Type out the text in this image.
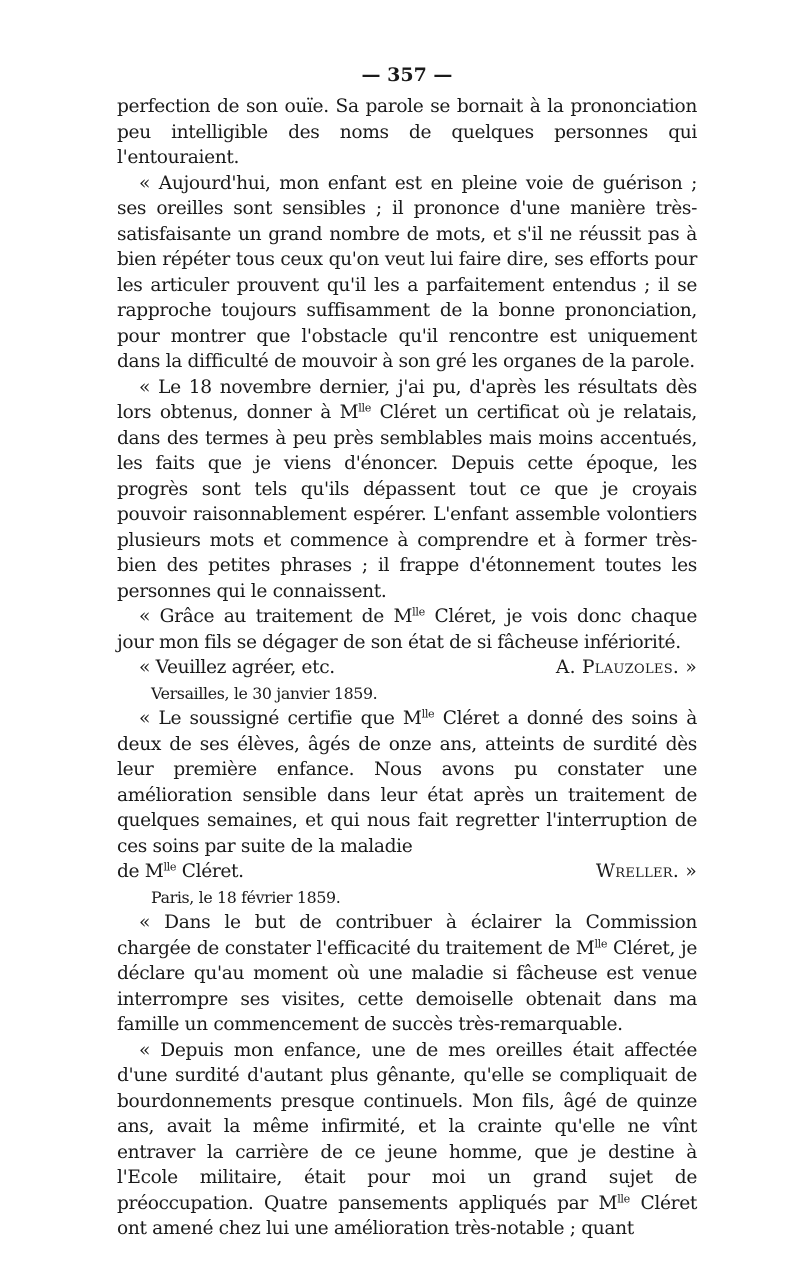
— 357 —

perfection de son ouïe. Sa parole se bornait à la prononciation peu intelligible des noms de quelques personnes qui l'entouraient.

« Aujourd'hui, mon enfant est en pleine voie de guérison ; ses oreilles sont sensibles ; il prononce d'une manière très-satisfaisante un grand nombre de mots, et s'il ne réussit pas à bien répéter tous ceux qu'on veut lui faire dire, ses efforts pour les articuler prouvent qu'il les a parfaitement entendus ; il se rapproche toujours suffisamment de la bonne prononciation, pour montrer que l'obstacle qu'il rencontre est uniquement dans la difficulté de mouvoir à son gré les organes de la parole.

« Le 18 novembre dernier, j'ai pu, d'après les résultats dès lors obtenus, donner à $M^{lle}$ Cléret un certificat où je relatais, dans des termes à peu près semblables mais moins accentués, les faits que je viens d'énoncer. Depuis cette époque, les progrès sont tels qu'ils dépassent tout ce que je croyais pouvoir raisonnablement espérer. L'enfant assemble volontiers plusieurs mots et commence à comprendre et à former très-bien des petites phrases ; il frappe d'étonnement toutes les personnes qui le connaissent.

« Grâce au traitement de $M^{lle}$ Cléret, je vois donc chaque jour mon fils se dégager de son état de si fâcheuse infériorité.

« Veuillez agréer, etc.	A. Plauzoles. »
Versailles, le 30 janvier 1859.

« Le soussigné certifie que $M^{lle}$ Cléret a donné des soins à deux de ses élèves, âgés de onze ans, atteints de surdité dès leur première enfance. Nous avons pu constater une amélioration sensible dans leur état après un traitement de quelques semaines, et qui nous fait regretter l'interruption de ces soins par suite de la maladie

de $M^{lle}$ Cléret.	Wreller. »
Paris, le 18 février 1859.

« Dans le but de contribuer à éclairer la Commission chargée de constater l'efficacité du traitement de $M^{lle}$ Cléret, je déclare qu'au moment où une maladie si fâcheuse est venue interrompre ses visites, cette demoiselle obtenait dans ma famille un commencement de succès très-remarquable.

« Depuis mon enfance, une de mes oreilles était affectée d'une surdité d'autant plus gênante, qu'elle se compliquait de bourdonnements presque continuels. Mon fils, âgé de quinze ans, avait la même infirmité, et la crainte qu'elle ne vînt entraver la carrière de ce jeune homme, que je destine à l'Ecole militaire, était pour moi un grand sujet de préoccupation. Quatre pansements appliqués par $M^{lle}$ Cléret ont amené chez lui une amélioration très-notable ; quant
